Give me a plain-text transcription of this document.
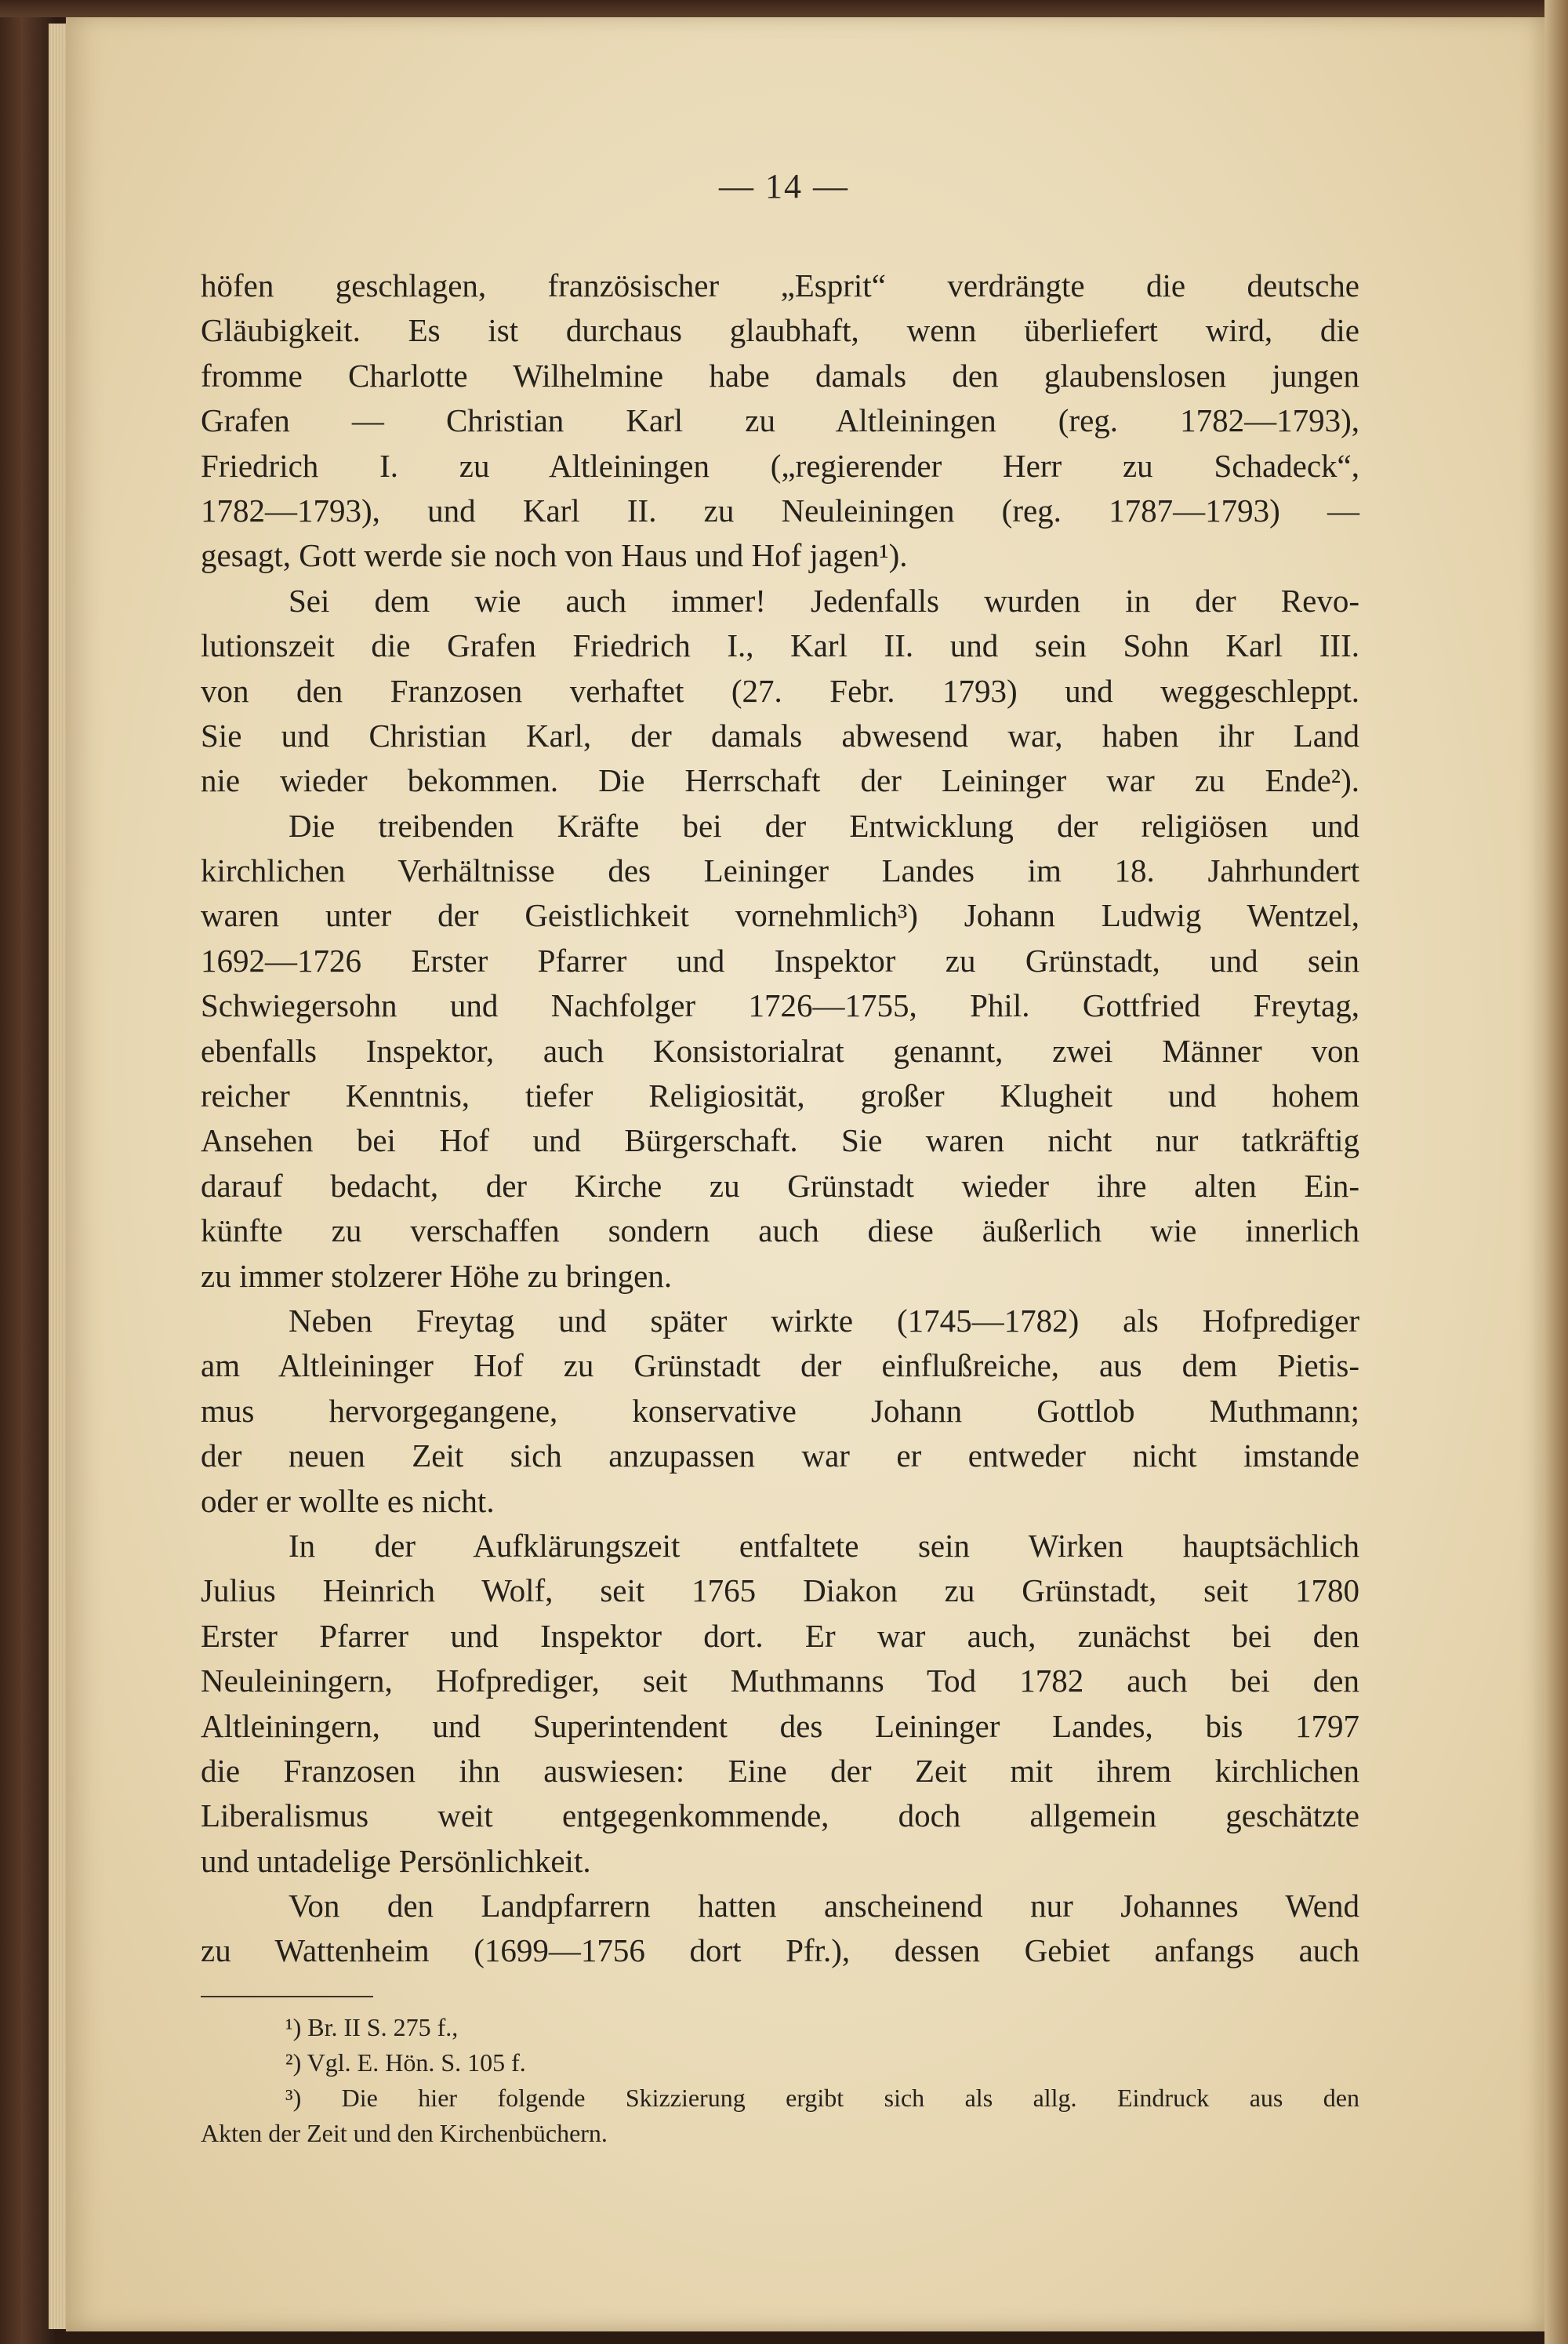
— 14 —
höfen geschlagen, französischer „Esprit“ verdrängte die deutsche
Gläubigkeit. Es ist durchaus glaubhaft, wenn überliefert wird, die
fromme Charlotte Wilhelmine habe damals den glaubenslosen jungen
Grafen — Christian Karl zu Altleiningen (reg. 1782—1793),
Friedrich I. zu Altleiningen („regierender Herr zu Schadeck“,
1782—1793), und Karl II. zu Neuleiningen (reg. 1787—1793) —
gesagt, Gott werde sie noch von Haus und Hof jagen¹).
Sei dem wie auch immer! Jedenfalls wurden in der Revo-
lutionszeit die Grafen Friedrich I., Karl II. und sein Sohn Karl III.
von den Franzosen verhaftet (27. Febr. 1793) und weggeschleppt.
Sie und Christian Karl, der damals abwesend war, haben ihr Land
nie wieder bekommen. Die Herrschaft der Leininger war zu Ende²).
Die treibenden Kräfte bei der Entwicklung der religiösen und
kirchlichen Verhältnisse des Leininger Landes im 18. Jahrhundert
waren unter der Geistlichkeit vornehmlich³) Johann Ludwig Wentzel,
1692—1726 Erster Pfarrer und Inspektor zu Grünstadt, und sein
Schwiegersohn und Nachfolger 1726—1755, Phil. Gottfried Freytag,
ebenfalls Inspektor, auch Konsistorialrat genannt, zwei Männer von
reicher Kenntnis, tiefer Religiosität, großer Klugheit und hohem
Ansehen bei Hof und Bürgerschaft. Sie waren nicht nur tatkräftig
darauf bedacht, der Kirche zu Grünstadt wieder ihre alten Ein-
künfte zu verschaffen sondern auch diese äußerlich wie innerlich
zu immer stolzerer Höhe zu bringen.
Neben Freytag und später wirkte (1745—1782) als Hofprediger
am Altleininger Hof zu Grünstadt der einflußreiche, aus dem Pietis-
mus hervorgegangene, konservative Johann Gottlob Muthmann;
der neuen Zeit sich anzupassen war er entweder nicht imstande
oder er wollte es nicht.
In der Aufklärungszeit entfaltete sein Wirken hauptsächlich
Julius Heinrich Wolf, seit 1765 Diakon zu Grünstadt, seit 1780
Erster Pfarrer und Inspektor dort. Er war auch, zunächst bei den
Neuleiningern, Hofprediger, seit Muthmanns Tod 1782 auch bei den
Altleiningern, und Superintendent des Leininger Landes, bis 1797
die Franzosen ihn auswiesen: Eine der Zeit mit ihrem kirchlichen
Liberalismus weit entgegenkommende, doch allgemein geschätzte
und untadelige Persönlichkeit.
Von den Landpfarrern hatten anscheinend nur Johannes Wend
zu Wattenheim (1699—1756 dort Pfr.), dessen Gebiet anfangs auch
¹) Br. II S. 275 f.,
²) Vgl. E. Hön. S. 105 f.
³) Die hier folgende Skizzierung ergibt sich als allg. Eindruck aus den
Akten der Zeit und den Kirchenbüchern.
